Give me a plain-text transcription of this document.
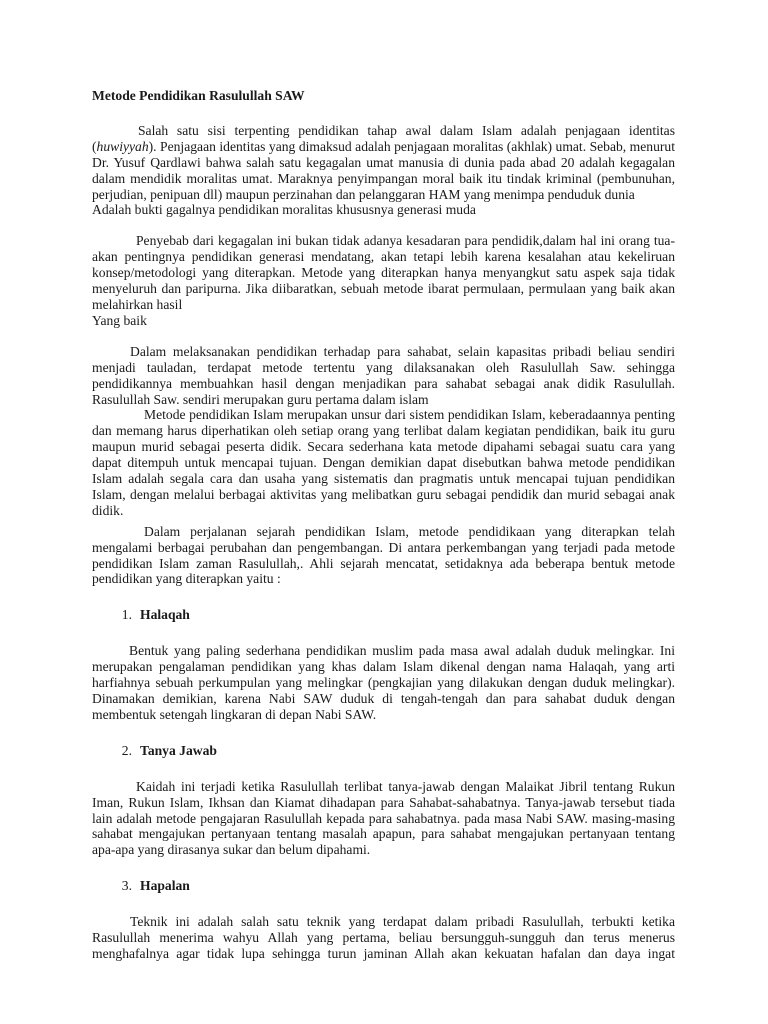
Metode Pendidikan Rasulullah SAW

Salah satu sisi terpenting pendidikan tahap awal dalam Islam adalah penjagaan identitas (huwiyyah). Penjagaan identitas yang dimaksud adalah penjagaan moralitas (akhlak) umat. Sebab, menurut Dr. Yusuf Qardlawi bahwa salah satu kegagalan umat manusia di dunia pada abad 20 adalah kegagalan dalam mendidik moralitas umat. Maraknya penyimpangan moral baik itu tindak kriminal (pembunuhan, perjudian, penipuan dll) maupun perzinahan dan pelanggaran HAM yang menimpa penduduk dunia

Adalah bukti gagalnya pendidikan moralitas khususnya generasi muda

Penyebab dari kegagalan ini bukan tidak adanya kesadaran para pendidik,dalam hal ini orang tua-akan pentingnya pendidikan generasi mendatang, akan tetapi lebih karena kesalahan atau kekeliruan konsep/metodologi yang diterapkan. Metode yang diterapkan hanya menyangkut satu aspek saja tidak menyeluruh dan paripurna. Jika diibaratkan, sebuah metode ibarat permulaan, permulaan yang baik akan melahirkan hasil

Yang baik

Dalam melaksanakan pendidikan terhadap para sahabat, selain kapasitas pribadi beliau sendiri menjadi tauladan, terdapat metode tertentu yang dilaksanakan oleh Rasulullah Saw. sehingga pendidikannya membuahkan hasil dengan menjadikan para sahabat sebagai anak didik Rasulullah. Rasulullah Saw. sendiri merupakan guru pertama dalam islam

Metode pendidikan Islam merupakan unsur dari sistem pendidikan Islam, keberadaannya penting dan memang harus diperhatikan oleh setiap orang yang terlibat dalam kegiatan pendidikan, baik itu guru maupun murid sebagai peserta didik. Secara sederhana kata metode dipahami sebagai suatu cara yang dapat ditempuh untuk mencapai tujuan. Dengan demikian dapat disebutkan bahwa metode pendidikan Islam adalah segala cara dan usaha yang sistematis dan pragmatis untuk mencapai tujuan pendidikan Islam, dengan melalui berbagai aktivitas yang melibatkan guru sebagai pendidik dan murid sebagai anak didik.

Dalam perjalanan sejarah pendidikan Islam, metode pendidikaan yang diterapkan telah mengalami berbagai perubahan dan pengembangan. Di antara perkembangan yang terjadi pada metode pendidikan Islam zaman Rasulullah,. Ahli sejarah mencatat, setidaknya ada beberapa bentuk metode pendidikan yang diterapkan yaitu :

1. Halaqah

Bentuk yang paling sederhana pendidikan muslim pada masa awal adalah duduk melingkar. Ini merupakan pengalaman pendidikan yang khas dalam Islam dikenal dengan nama Halaqah, yang arti harfiahnya sebuah perkumpulan yang melingkar (pengkajian yang dilakukan dengan duduk melingkar). Dinamakan demikian, karena Nabi SAW duduk di tengah-tengah dan para sahabat duduk dengan membentuk setengah lingkaran di depan Nabi SAW.

2. Tanya Jawab

Kaidah ini terjadi ketika Rasulullah terlibat tanya-jawab dengan Malaikat Jibril tentang Rukun Iman, Rukun Islam, Ikhsan dan Kiamat dihadapan para Sahabat-sahabatnya. Tanya-jawab tersebut tiada lain adalah metode pengajaran Rasulullah kepada para sahabatnya. pada masa Nabi SAW. masing-masing sahabat mengajukan pertanyaan tentang masalah apapun, para sahabat mengajukan pertanyaan tentang apa-apa yang dirasanya sukar dan belum dipahami.

3. Hapalan

Teknik ini adalah salah satu teknik yang terdapat dalam pribadi Rasulullah, terbukti ketika Rasulullah menerima wahyu Allah yang pertama, beliau bersungguh-sungguh dan terus menerus menghafalnya agar tidak lupa sehingga turun jaminan Allah akan kekuatan hafalan dan daya ingat
